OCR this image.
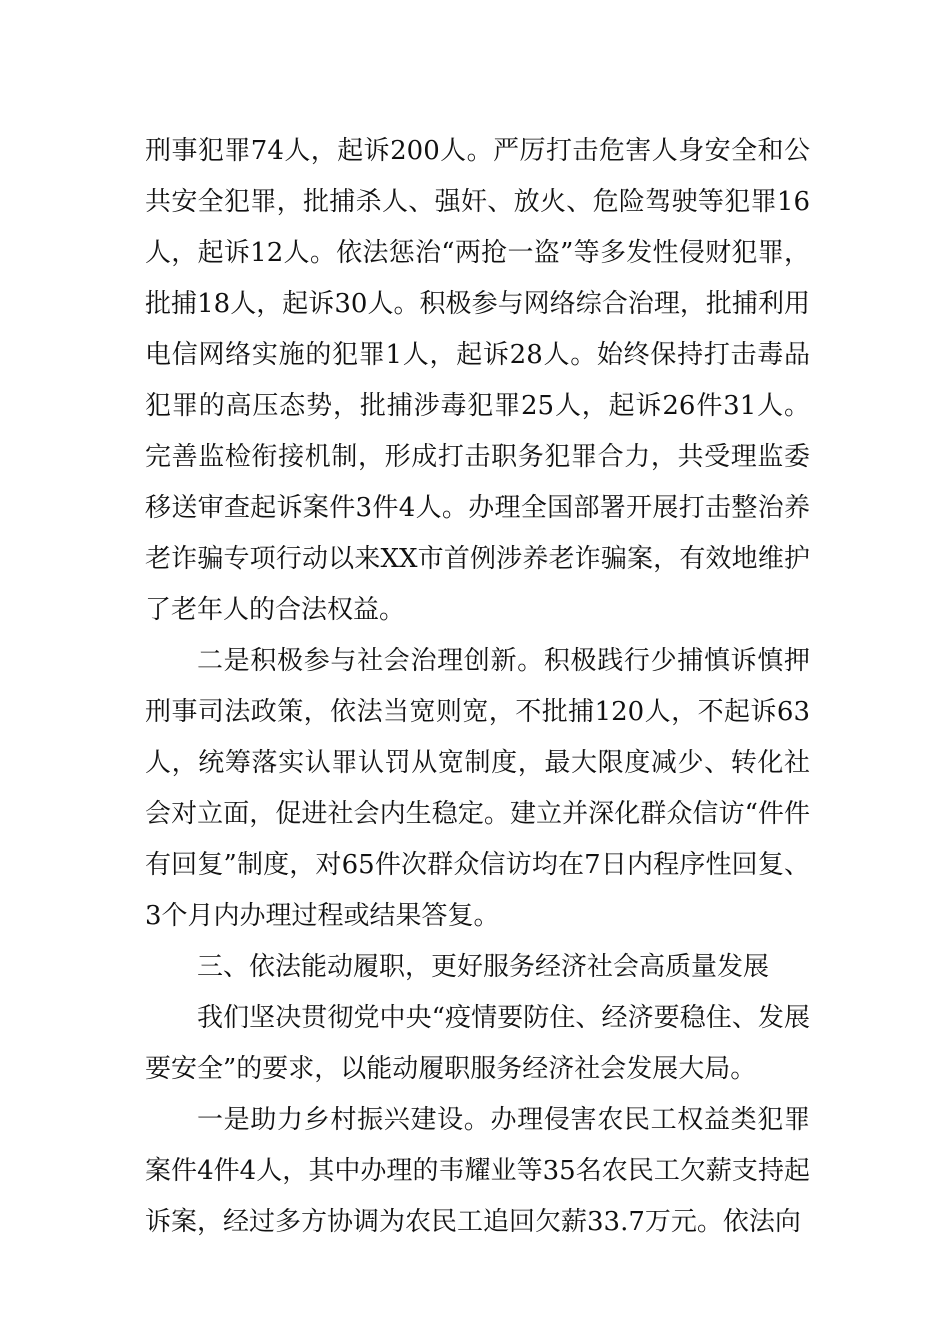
刑事犯罪74人，起诉200人。严厉打击危害人身安全和公共安全犯罪，批捕杀人、强奸、放火、危险驾驶等犯罪16人，起诉12人。依法惩治“两抢一盗”等多发性侵财犯罪，批捕18人，起诉30人。积极参与网络综合治理，批捕利用电信网络实施的犯罪1人，起诉28人。始终保持打击毒品犯罪的高压态势，批捕涉毒犯罪25人，起诉26件31人。完善监检衔接机制，形成打击职务犯罪合力，共受理监委移送审查起诉案件3件4人。办理全国部署开展打击整治养老诈骗专项行动以来XX市首例涉养老诈骗案，有效地维护了老年人的合法权益。

二是积极参与社会治理创新。积极践行少捕慎诉慎押刑事司法政策，依法当宽则宽，不批捕120人，不起诉63人，统筹落实认罪认罚从宽制度，最大限度减少、转化社会对立面，促进社会内生稳定。建立并深化群众信访“件件有回复”制度，对65件次群众信访均在7日内程序性回复、3个月内办理过程或结果答复。

三、依法能动履职，更好服务经济社会高质量发展

我们坚决贯彻党中央“疫情要防住、经济要稳住、发展要安全”的要求，以能动履职服务经济社会发展大局。

一是助力乡村振兴建设。办理侵害农民工权益类犯罪案件4件4人，其中办理的韦耀业等35名农民工欠薪支持起诉案，经过多方协调为农民工追回欠薪33.7万元。依法向
